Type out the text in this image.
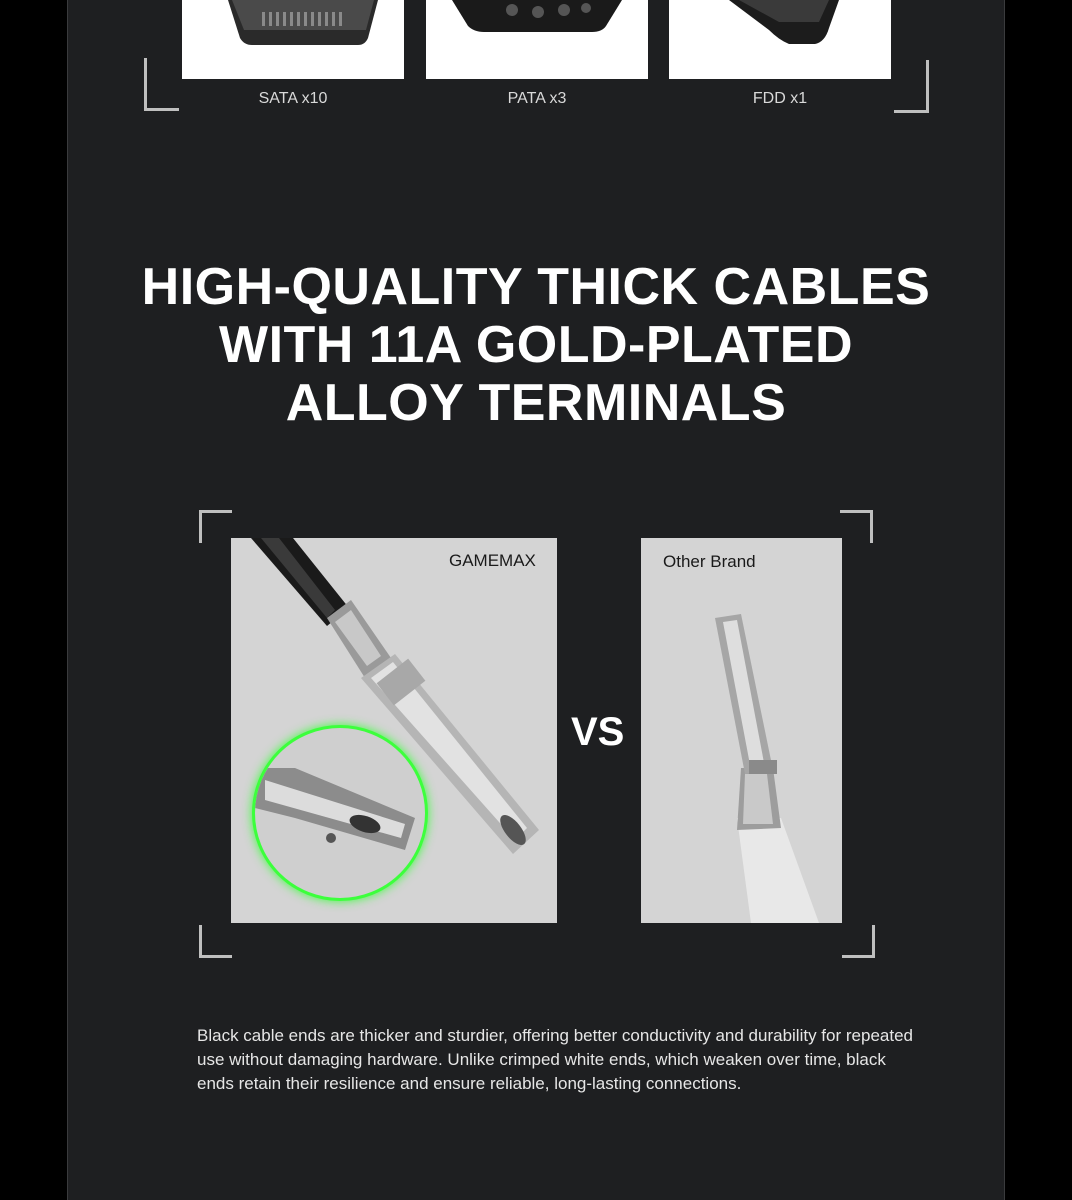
SATA x10	PATA x3	FDD x1
HIGH-QUALITY THICK CABLES
WITH 11A GOLD-PLATED
ALLOY TERMINALS
GAMEMAX
VS
Other Brand
Black cable ends are thicker and sturdier, offering better conductivity and durability for repeated use without damaging hardware. Unlike crimped white ends, which weaken over time, black ends retain their resilience and ensure reliable, long-lasting connections.
